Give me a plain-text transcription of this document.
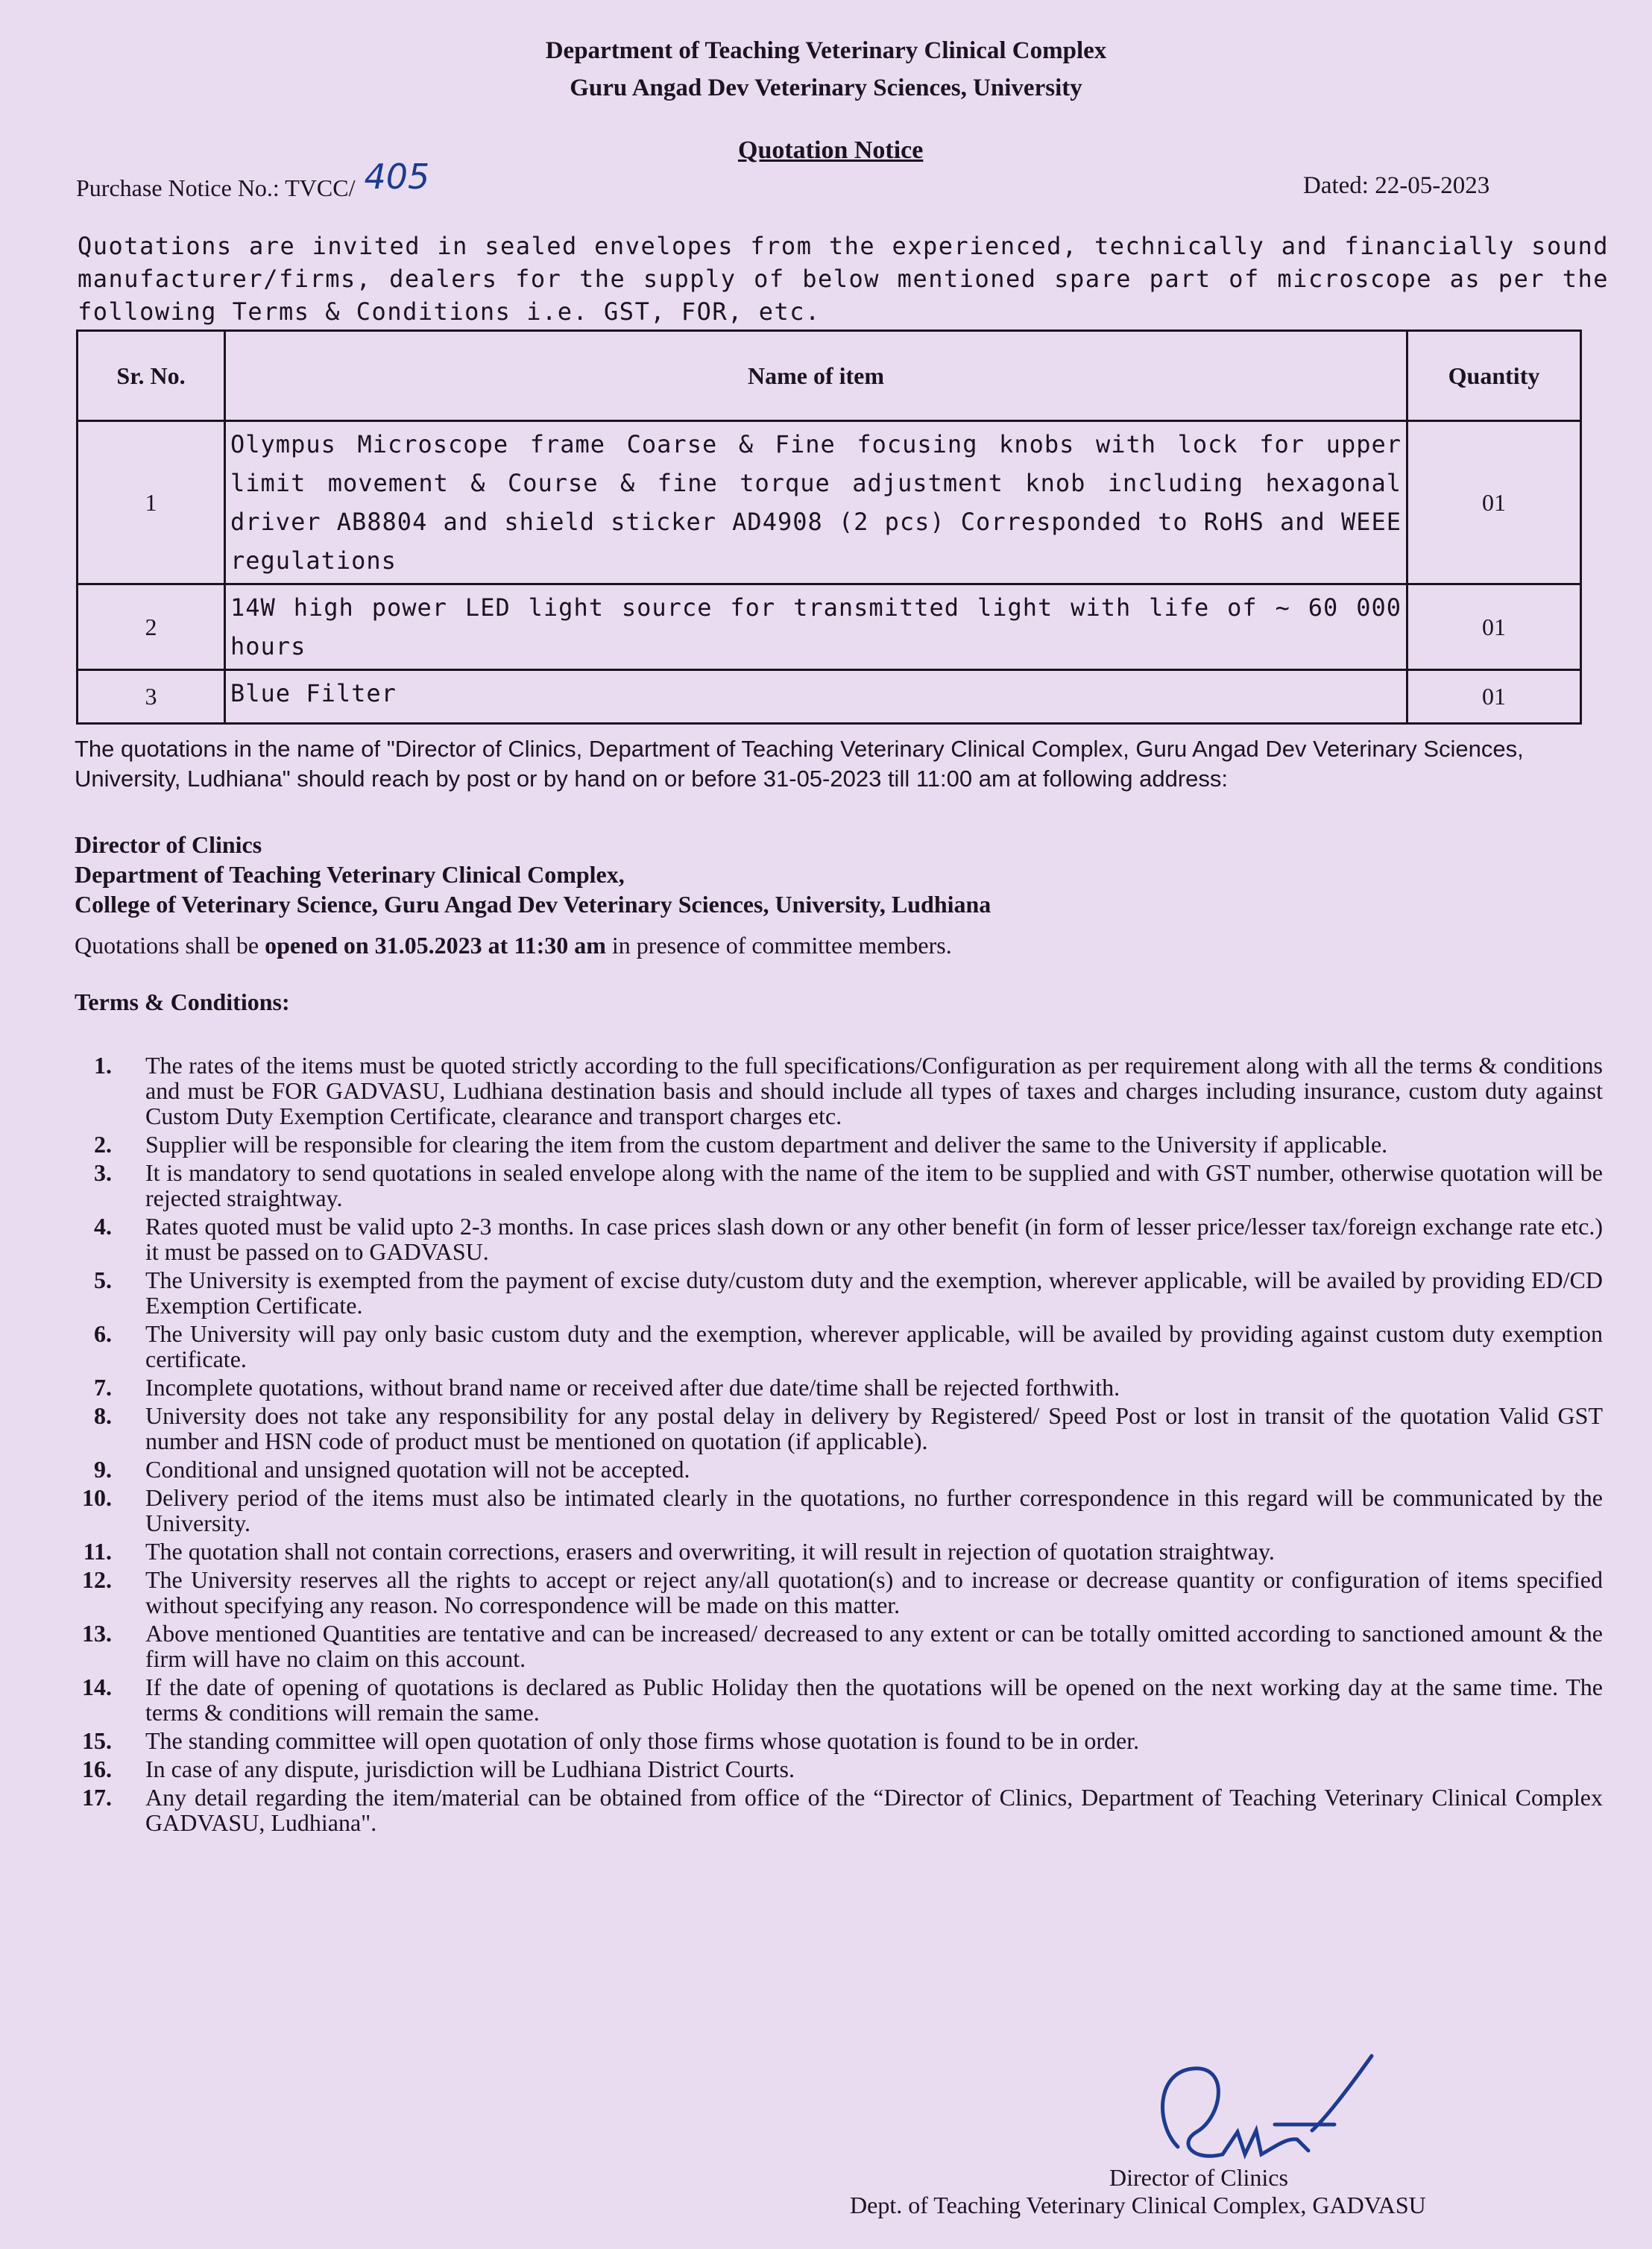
Department of Teaching Veterinary Clinical Complex
Guru Angad Dev Veterinary Sciences, University
Quotation Notice
Purchase Notice No.: TVCC/ 405	Dated: 22-05-2023
Quotations are invited in sealed envelopes from the experienced, technically and financially sound manufacturer/firms, dealers for the supply of below mentioned spare part of microscope as per the following Terms & Conditions i.e. GST, FOR, etc.
Sr. No.	Name of item	Quantity
1	Olympus Microscope frame Coarse & Fine focusing knobs with lock for upper limit movement & Course & fine torque adjustment knob including hexagonal driver AB8804 and shield sticker AD4908 (2 pcs) Corresponded to RoHS and WEEE regulations	01
2	14W high power LED light source for transmitted light with life of ~ 60 000 hours	01
3	Blue Filter	01
The quotations in the name of "Director of Clinics, Department of Teaching Veterinary Clinical Complex, Guru Angad Dev Veterinary Sciences, University, Ludhiana" should reach by post or by hand on or before 31-05-2023 till 11:00 am at following address:
Director of Clinics
Department of Teaching Veterinary Clinical Complex,
College of Veterinary Science, Guru Angad Dev Veterinary Sciences, University, Ludhiana
Quotations shall be opened on 31.05.2023 at 11:30 am in presence of committee members.
Terms & Conditions:
1. The rates of the items must be quoted strictly according to the full specifications/Configuration as per requirement along with all the terms & conditions and must be FOR GADVASU, Ludhiana destination basis and should include all types of taxes and charges including insurance, custom duty against Custom Duty Exemption Certificate, clearance and transport charges etc.
2. Supplier will be responsible for clearing the item from the custom department and deliver the same to the University if applicable.
3. It is mandatory to send quotations in sealed envelope along with the name of the item to be supplied and with GST number, otherwise quotation will be rejected straightway.
4. Rates quoted must be valid upto 2-3 months. In case prices slash down or any other benefit (in form of lesser price/lesser tax/foreign exchange rate etc.) it must be passed on to GADVASU.
5. The University is exempted from the payment of excise duty/custom duty and the exemption, wherever applicable, will be availed by providing ED/CD Exemption Certificate.
6. The University will pay only basic custom duty and the exemption, wherever applicable, will be availed by providing against custom duty exemption certificate.
7. Incomplete quotations, without brand name or received after due date/time shall be rejected forthwith.
8. University does not take any responsibility for any postal delay in delivery by Registered/ Speed Post or lost in transit of the quotation Valid GST number and HSN code of product must be mentioned on quotation (if applicable).
9. Conditional and unsigned quotation will not be accepted.
10. Delivery period of the items must also be intimated clearly in the quotations, no further correspondence in this regard will be communicated by the University.
11. The quotation shall not contain corrections, erasers and overwriting, it will result in rejection of quotation straightway.
12. The University reserves all the rights to accept or reject any/all quotation(s) and to increase or decrease quantity or configuration of items specified without specifying any reason. No correspondence will be made on this matter.
13. Above mentioned Quantities are tentative and can be increased/ decreased to any extent or can be totally omitted according to sanctioned amount & the firm will have no claim on this account.
14. If the date of opening of quotations is declared as Public Holiday then the quotations will be opened on the next working day at the same time. The terms & conditions will remain the same.
15. The standing committee will open quotation of only those firms whose quotation is found to be in order.
16. In case of any dispute, jurisdiction will be Ludhiana District Courts.
17. Any detail regarding the item/material can be obtained from office of the “Director of Clinics, Department of Teaching Veterinary Clinical Complex GADVASU, Ludhiana".
Director of Clinics
Dept. of Teaching Veterinary Clinical Complex, GADVASU
